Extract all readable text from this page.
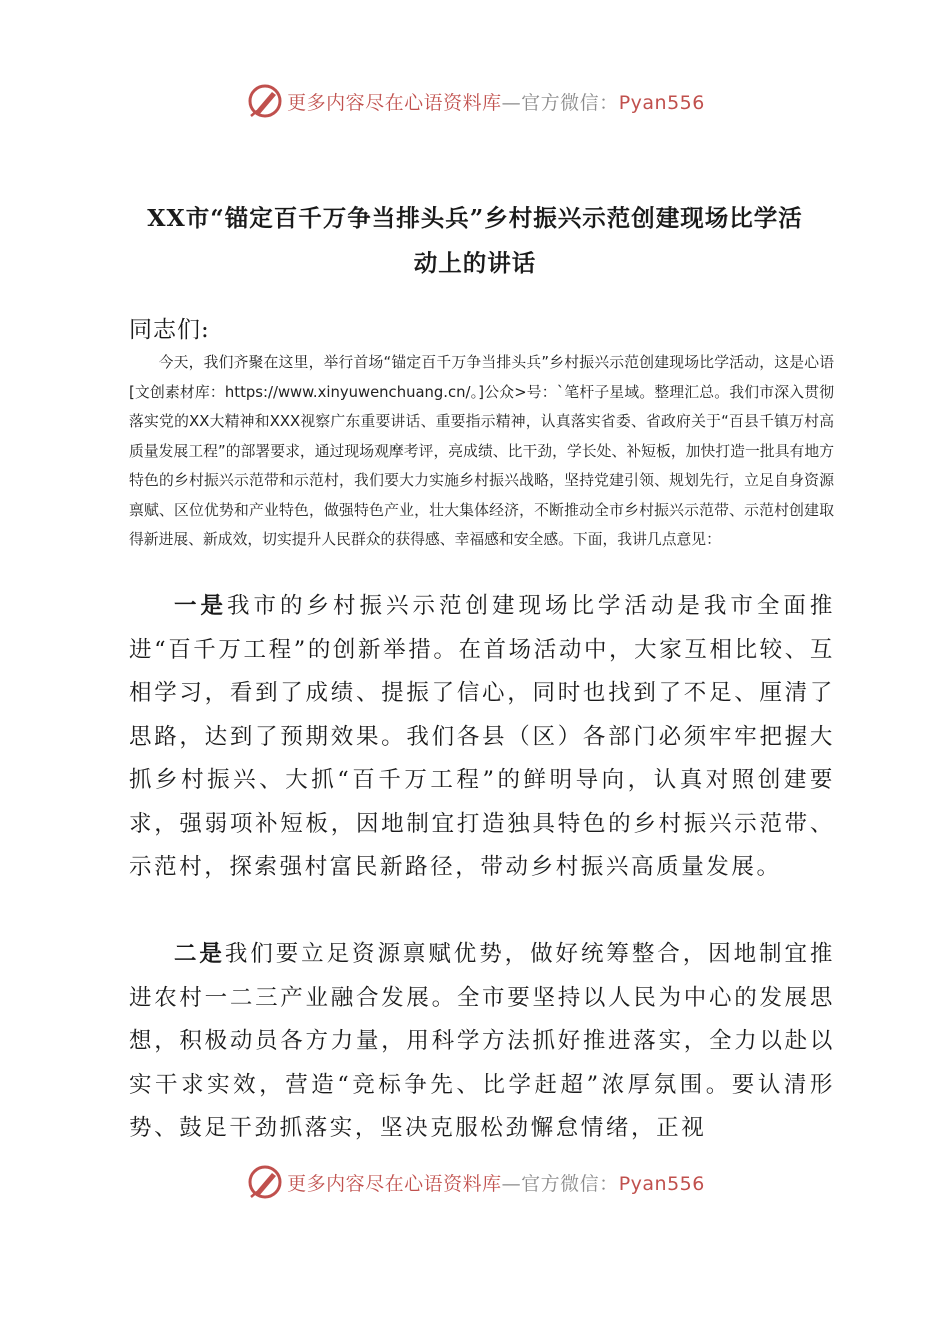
更多内容尽在心语资料库—官方微信：Pyan556
XX市“锚定百千万争当排头兵”乡村振兴示范创建现场比学活
动上的讲话
同志们:

今天，我们齐聚在这里，举行首场“锚定百千万争当排头兵”乡村振兴示范创建现场比学活动，这是心语[文创素材库：https://www.xinyuwenchuang.cn/。]公众>号：`笔杆子星域。整理汇总。我们市深入贯彻落实党的XX大精神和XXX视察广东重要讲话、重要指示精神，认真落实省委、省政府关于“百县千镇万村高质量发展工程”的部署要求，通过现场观摩考评，亮成绩、比干劲，学长处、补短板，加快打造一批具有地方特色的乡村振兴示范带和示范村，我们要大力实施乡村振兴战略，坚持党建引领、规划先行，立足自身资源禀赋、区位优势和产业特色，做强特色产业，壮大集体经济，不断推动全市乡村振兴示范带、示范村创建取得新进展、新成效，切实提升人民群众的获得感、幸福感和安全感。下面，我讲几点意见：

一是我市的乡村振兴示范创建现场比学活动是我市全面推进“百千万工程”的创新举措。在首场活动中，大家互相比较、互相学习，看到了成绩、提振了信心，同时也找到了不足、厘清了思路，达到了预期效果。我们各县（区）各部门必须牢牢把握大抓乡村振兴、大抓“百千万工程”的鲜明导向，认真对照创建要求，强弱项补短板，因地制宜打造独具特色的乡村振兴示范带、示范村，探索强村富民新路径，带动乡村振兴高质量发展。

二是我们要立足资源禀赋优势，做好统筹整合，因地制宜推进农村一二三产业融合发展。全市要坚持以人民为中心的发展思想，积极动员各方力量，用科学方法抓好推进落实，全力以赴以实干求实效，营造“竞标争先、比学赶超”浓厚氛围。要认清形势、鼓足干劲抓落实，坚决克服松劲懈怠情绪，正视

更多内容尽在心语资料库—官方微信：Pyan556
